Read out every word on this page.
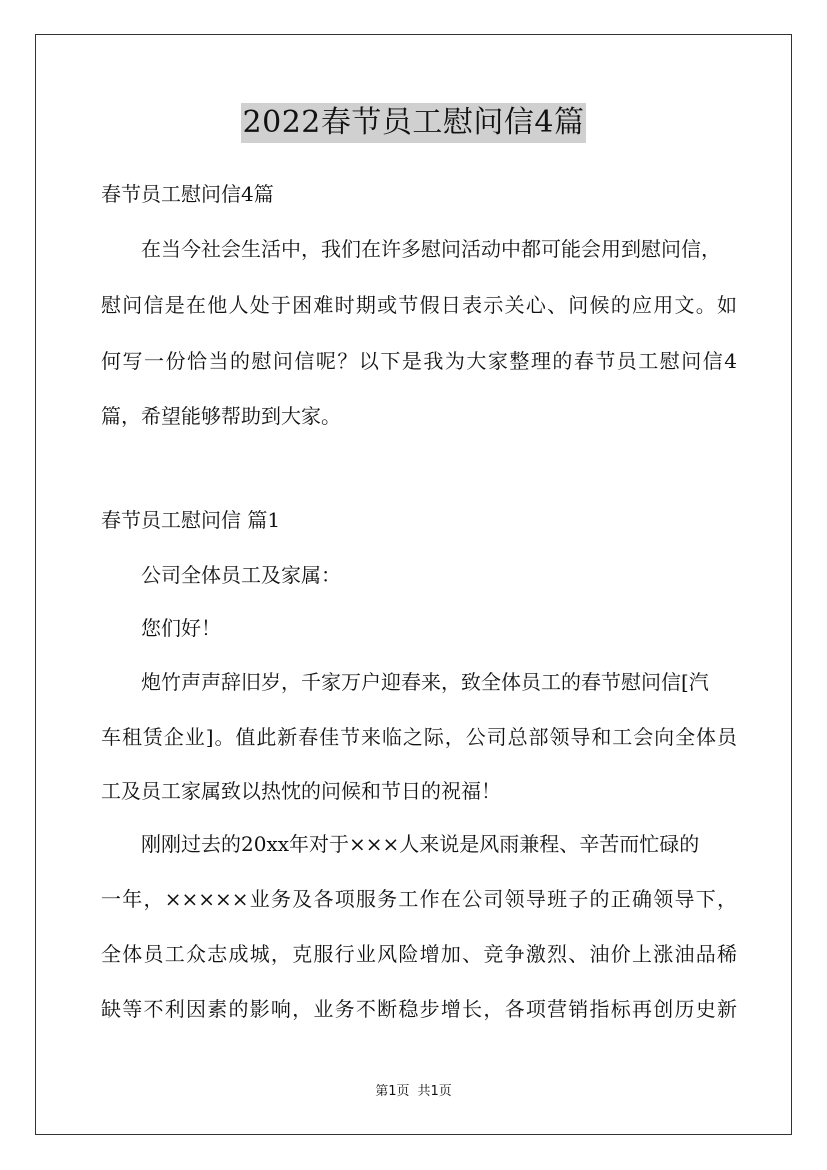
2022春节员工慰问信4篇
春节员工慰问信4篇
在当今社会生活中，我们在许多慰问活动中都可能会用到慰问信，
慰问信是在他人处于困难时期或节假日表示关心、问候的应用文。如
何写一份恰当的慰问信呢？以下是我为大家整理的春节员工慰问信4
篇，希望能够帮助到大家。
春节员工慰问信 篇1
公司全体员工及家属：
您们好！
炮竹声声辞旧岁，千家万户迎春来，致全体员工的春节慰问信[汽
车租赁企业]。值此新春佳节来临之际，公司总部领导和工会向全体员
工及员工家属致以热忱的问候和节日的祝福！
刚刚过去的20xx年对于×××人来说是风雨兼程、辛苦而忙碌的
一年，×××××业务及各项服务工作在公司领导班子的正确领导下，
全体员工众志成城，克服行业风险增加、竞争激烈、油价上涨油品稀
缺等不利因素的影响，业务不断稳步增长，各项营销指标再创历史新
第1页 共1页
